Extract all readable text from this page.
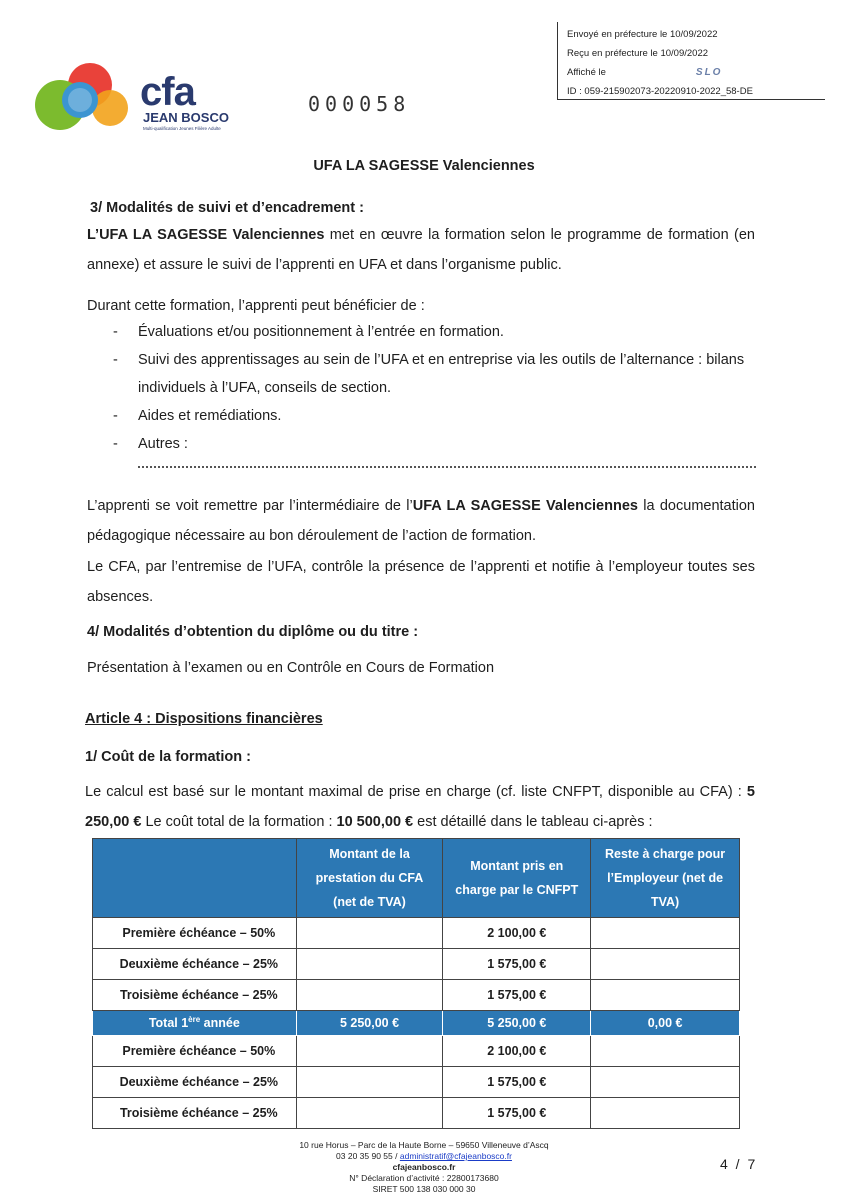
Envoyé en préfecture le 10/09/2022
Reçu en préfecture le 10/09/2022
Affiché le	SLO
ID : 059-215902073-20220910-2022_58-DE
cfa
JEAN BOSCO
Multi-qualification Jeunes Filière Adulte
000058
UFA LA SAGESSE Valenciennes
3/ Modalités de suivi et d’encadrement :
L’UFA LA SAGESSE Valenciennes met en œuvre la formation selon le programme de formation (en annexe) et assure le suivi de l’apprenti en UFA et dans l’organisme public.
Durant cette formation, l’apprenti peut bénéficier de :
- Évaluations et/ou positionnement à l’entrée en formation.
- Suivi des apprentissages au sein de l’UFA et en entreprise via les outils de l’alternance : bilans individuels à l’UFA, conseils de section.
- Aides et remédiations.
- Autres :
L’apprenti se voit remettre par l’intermédiaire de l’UFA LA SAGESSE Valenciennes la documentation pédagogique nécessaire au bon déroulement de l’action de formation.
Le CFA, par l’entremise de l’UFA, contrôle la présence de l’apprenti et notifie à l’employeur toutes ses absences.
4/ Modalités d’obtention du diplôme ou du titre :
Présentation à l’examen ou en Contrôle en Cours de Formation
Article 4 : Dispositions financières
1/ Coût de la formation :
Le calcul est basé sur le montant maximal de prise en charge (cf. liste CNFPT, disponible au CFA) : 5 250,00 € Le coût total de la formation : 10 500,00 € est détaillé dans le tableau ci-après :
	Montant de la prestation du CFA (net de TVA)	Montant pris en charge par le CNFPT	Reste à charge pour l’Employeur (net de TVA)
Première échéance – 50%		2 100,00 €	
Deuxième échéance – 25%		1 575,00 €	
Troisième échéance – 25%		1 575,00 €	
Total 1ère année	5 250,00 €	5 250,00 €	0,00 €
Première échéance – 50%		2 100,00 €	
Deuxième échéance – 25%		1 575,00 €	
Troisième échéance – 25%		1 575,00 €	
10 rue Horus – Parc de la Haute Borne – 59650 Villeneuve d’Ascq
03 20 35 90 55 / administratif@cfajeanbosco.fr
cfajeanbosco.fr
N° Déclaration d’activité : 22800173680
SIRET 500 138 030 000 30
4 / 7
